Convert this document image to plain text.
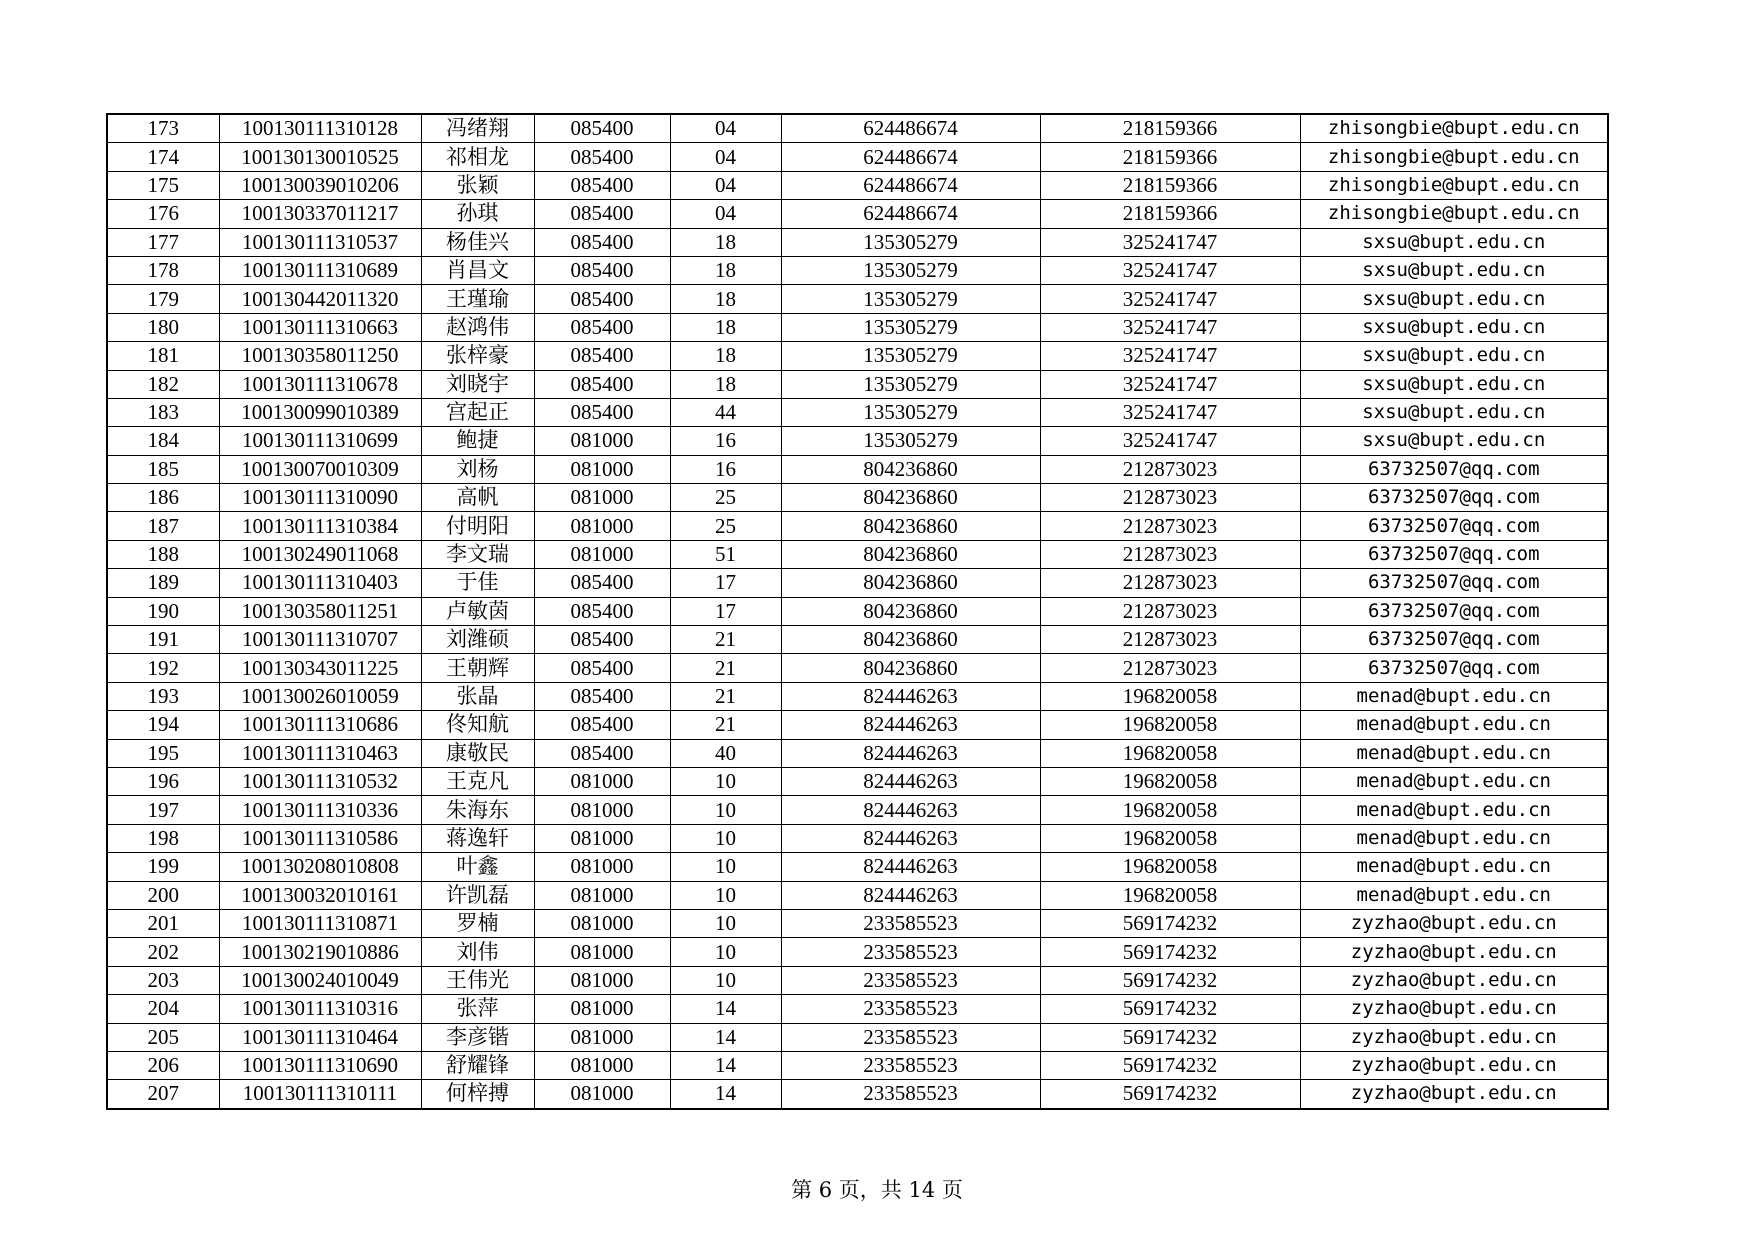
173	100130111310128	冯绪翔	085400	04	624486674	218159366	zhisongbie@bupt.edu.cn
174	100130130010525	祁相龙	085400	04	624486674	218159366	zhisongbie@bupt.edu.cn
175	100130039010206	张颖	085400	04	624486674	218159366	zhisongbie@bupt.edu.cn
176	100130337011217	孙琪	085400	04	624486674	218159366	zhisongbie@bupt.edu.cn
177	100130111310537	杨佳兴	085400	18	135305279	325241747	sxsu@bupt.edu.cn
178	100130111310689	肖昌文	085400	18	135305279	325241747	sxsu@bupt.edu.cn
179	100130442011320	王瑾瑜	085400	18	135305279	325241747	sxsu@bupt.edu.cn
180	100130111310663	赵鸿伟	085400	18	135305279	325241747	sxsu@bupt.edu.cn
181	100130358011250	张梓豪	085400	18	135305279	325241747	sxsu@bupt.edu.cn
182	100130111310678	刘晓宇	085400	18	135305279	325241747	sxsu@bupt.edu.cn
183	100130099010389	宫起正	085400	44	135305279	325241747	sxsu@bupt.edu.cn
184	100130111310699	鲍捷	081000	16	135305279	325241747	sxsu@bupt.edu.cn
185	100130070010309	刘杨	081000	16	804236860	212873023	63732507@qq.com
186	100130111310090	高帆	081000	25	804236860	212873023	63732507@qq.com
187	100130111310384	付明阳	081000	25	804236860	212873023	63732507@qq.com
188	100130249011068	李文瑞	081000	51	804236860	212873023	63732507@qq.com
189	100130111310403	于佳	085400	17	804236860	212873023	63732507@qq.com
190	100130358011251	卢敏茵	085400	17	804236860	212873023	63732507@qq.com
191	100130111310707	刘潍硕	085400	21	804236860	212873023	63732507@qq.com
192	100130343011225	王朝辉	085400	21	804236860	212873023	63732507@qq.com
193	100130026010059	张晶	085400	21	824446263	196820058	menad@bupt.edu.cn
194	100130111310686	佟知航	085400	21	824446263	196820058	menad@bupt.edu.cn
195	100130111310463	康敬民	085400	40	824446263	196820058	menad@bupt.edu.cn
196	100130111310532	王克凡	081000	10	824446263	196820058	menad@bupt.edu.cn
197	100130111310336	朱海东	081000	10	824446263	196820058	menad@bupt.edu.cn
198	100130111310586	蒋逸轩	081000	10	824446263	196820058	menad@bupt.edu.cn
199	100130208010808	叶鑫	081000	10	824446263	196820058	menad@bupt.edu.cn
200	100130032010161	许凯磊	081000	10	824446263	196820058	menad@bupt.edu.cn
201	100130111310871	罗楠	081000	10	233585523	569174232	zyzhao@bupt.edu.cn
202	100130219010886	刘伟	081000	10	233585523	569174232	zyzhao@bupt.edu.cn
203	100130024010049	王伟光	081000	10	233585523	569174232	zyzhao@bupt.edu.cn
204	100130111310316	张萍	081000	14	233585523	569174232	zyzhao@bupt.edu.cn
205	100130111310464	李彦锴	081000	14	233585523	569174232	zyzhao@bupt.edu.cn
206	100130111310690	舒耀锋	081000	14	233585523	569174232	zyzhao@bupt.edu.cn
207	100130111310111	何梓搏	081000	14	233585523	569174232	zyzhao@bupt.edu.cn
第 6 页，共 14 页
